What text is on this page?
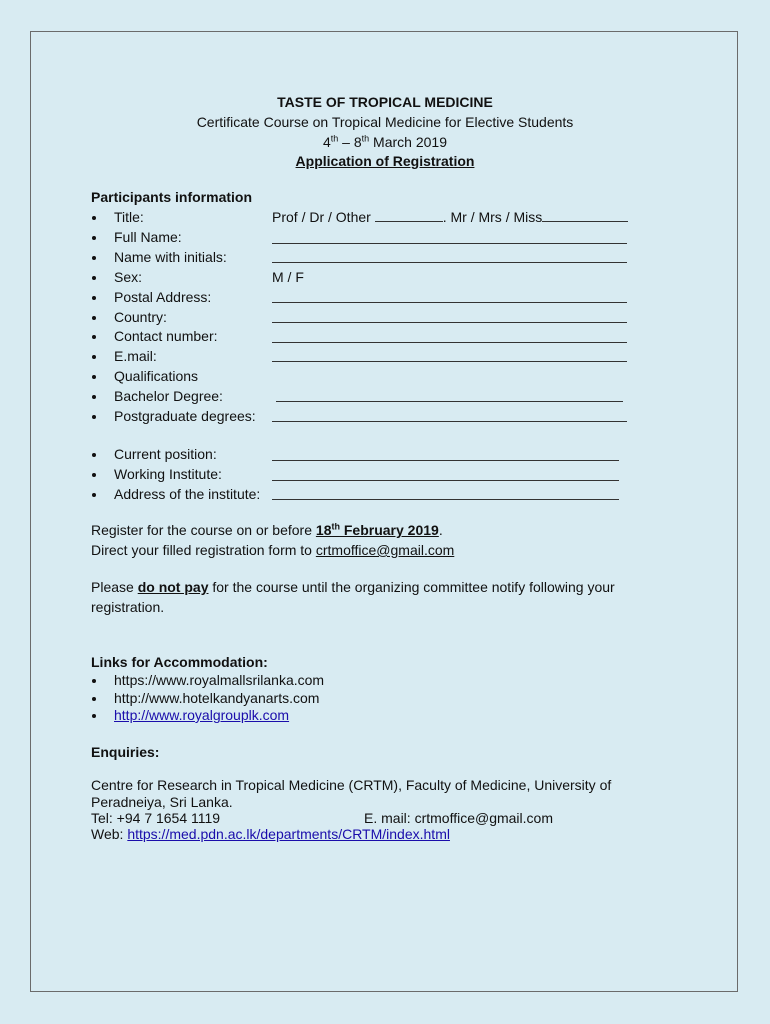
TASTE OF TROPICAL MEDICINE
Certificate Course on Tropical Medicine for Elective Students
4th – 8th March 2019
Application of Registration
Participants information
Title:	Prof / Dr / Other	. Mr / Mrs / Miss
Full Name:
Name with initials:
Sex:	M / F
Postal Address:
Country:
Contact number:
E.mail:
Qualifications
Bachelor Degree:
Postgraduate degrees:
Current position:
Working Institute:
Address of the institute:
Register for the course on or before 18th February 2019.
Direct your filled registration form to crtmoffice@gmail.com
Please do not pay for the course until the organizing committee notify following your
registration.
Links for Accommodation:
https://www.royalmallsrilanka.com
http://www.hotelkandyanarts.com
http://www.royalgrouplk.com
Enquiries:
Centre for Research in Tropical Medicine (CRTM), Faculty of Medicine, University of
Peradneiya, Sri Lanka.
Tel: +94 7 1654 1119	E. mail: crtmoffice@gmail.com
Web: https://med.pdn.ac.lk/departments/CRTM/index.html
